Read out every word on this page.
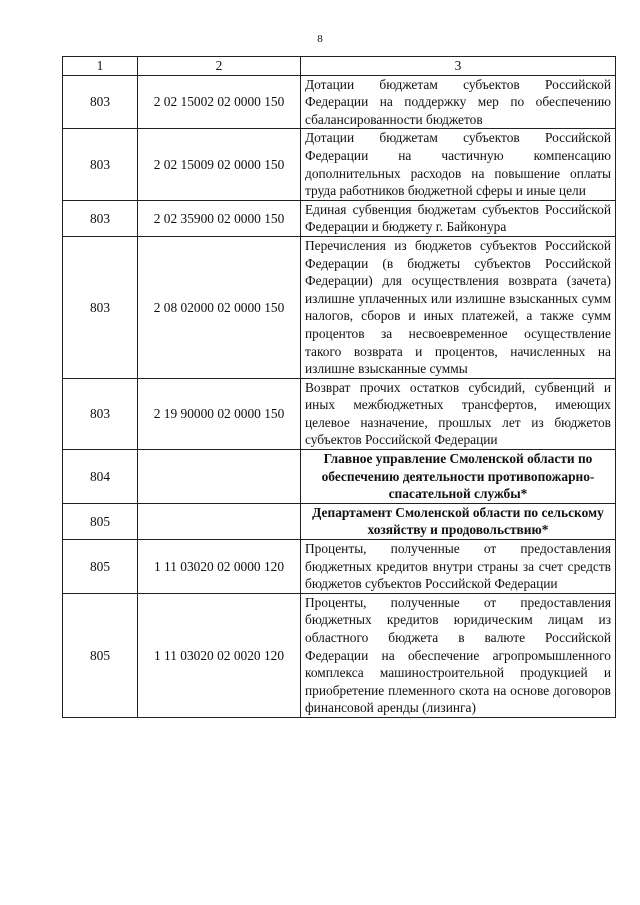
8
1	2	3
803	2 02 15002 02 0000 150	Дотации бюджетам субъектов Российской Федерации на поддержку мер по обеспечению сбалансированности бюджетов
803	2 02 15009 02 0000 150	Дотации бюджетам субъектов Российской Федерации на частичную компенсацию дополнительных расходов на повышение оплаты труда работников бюджетной сферы и иные цели
803	2 02 35900 02 0000 150	Единая субвенция бюджетам субъектов Российской Федерации и бюджету г. Байконура
803	2 08 02000 02 0000 150	Перечисления из бюджетов субъектов Российской Федерации (в бюджеты субъектов Российской Федерации) для осуществления возврата (зачета) излишне уплаченных или излишне взысканных сумм налогов, сборов и иных платежей, а также сумм процентов за несвоевременное осуществление такого возврата и процентов, начисленных на излишне взысканные суммы
803	2 19 90000 02 0000 150	Возврат прочих остатков субсидий, субвенций и иных межбюджетных трансфертов, имеющих целевое назначение, прошлых лет из бюджетов субъектов Российской Федерации
804		Главное управление Смоленской области по обеспечению деятельности противопожарно-спасательной службы*
805		Департамент Смоленской области по сельскому хозяйству и продовольствию*
805	1 11 03020 02 0000 120	Проценты, полученные от предоставления бюджетных кредитов внутри страны за счет средств бюджетов субъектов Российской Федерации
805	1 11 03020 02 0020 120	Проценты, полученные от предоставления бюджетных кредитов юридическим лицам из областного бюджета в валюте Российской Федерации на обеспечение агропромышленного комплекса машиностроительной продукцией и приобретение племенного скота на основе договоров финансовой аренды (лизинга)
